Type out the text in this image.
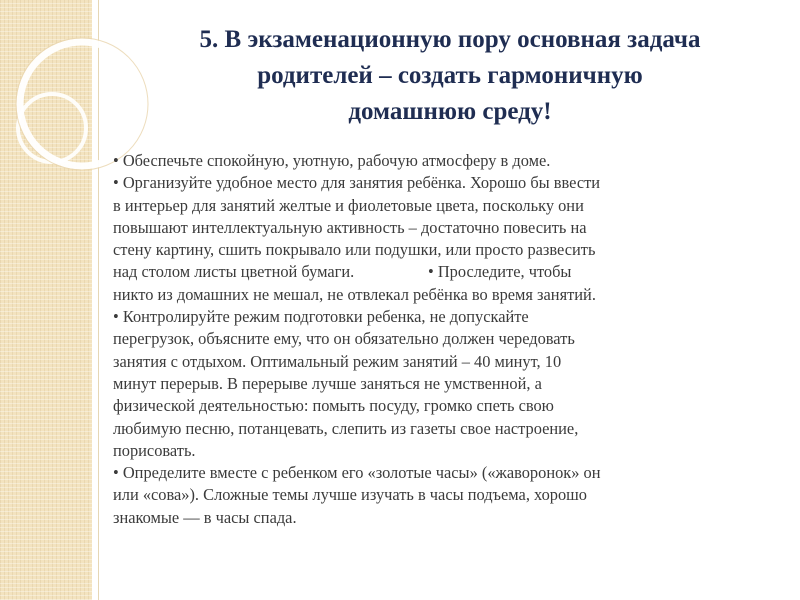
5. В экзаменационную пору основная задача
родителей – создать гармоничную
домашнюю среду!
• Обеспечьте спокойную, уютную, рабочую атмосферу в доме.
• Организуйте удобное место для занятия ребёнка. Хорошо бы ввести
в интерьер для занятий желтые и фиолетовые цвета, поскольку они
повышают интеллектуальную активность – достаточно повесить на
стену картину, сшить покрывало или подушки, или просто развесить
над столом листы цветной бумаги.                  • Проследите, чтобы
никто из домашних не мешал, не отвлекал ребёнка во время занятий.
• Контролируйте режим подготовки ребенка, не допускайте
перегрузок, объясните ему, что он обязательно должен чередовать
занятия с отдыхом. Оптимальный режим занятий – 40 минут, 10
минут перерыв. В перерыве лучше заняться не умственной, а
физической деятельностью: помыть посуду, громко спеть свою
любимую песню, потанцевать, слепить из газеты свое настроение,
порисовать.
• Определите вместе с ребенком его «золотые часы» («жаворонок» он
или «сова»). Сложные темы лучше изучать в часы подъема, хорошо
знакомые — в часы спада.
